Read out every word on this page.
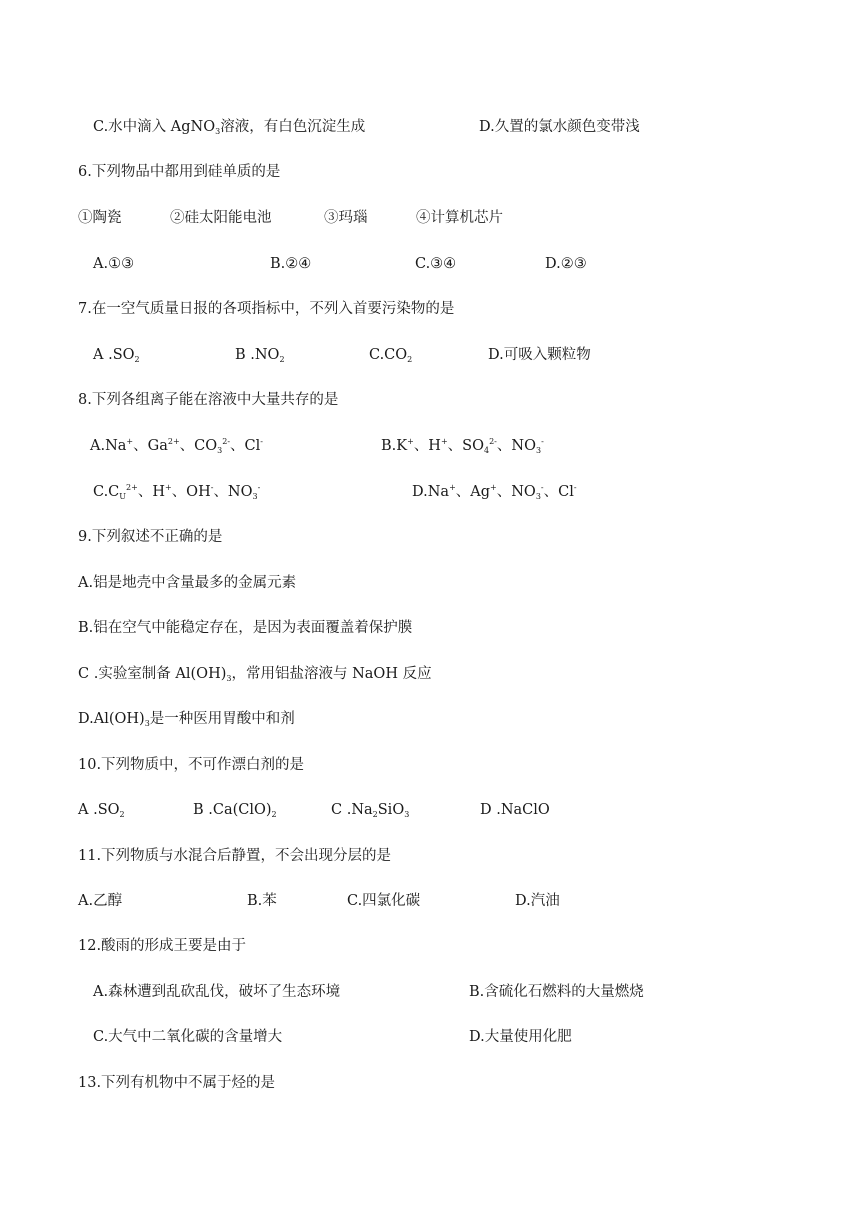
C.水中滴入 AgNO$_3$溶液，有白色沉淀生成	D.久置的氯水颜色变带浅
6.下列物品中都用到硅单质的是
①陶瓷	②硅太阳能电池	③玛瑙	④计算机芯片
A.①③	B.②④	C.③④	D.②③
7.在一空气质量日报的各项指标中，不列入首要污染物的是
A $.SO_2$	B $.NO_2$	$C.CO_2$	D.可吸入颗粒物
8.下列各组离子能在溶液中大量共存的是
A.Na+、$Ga^{2+}$、$CO_3^{2-}$、Cl-	B.K+、H+、$SO_4^{2-}$、$NO_3^-$
$C.C_U^{2+}$、H+、OH-、$NO_3^-$	D.Na+、Ag+、$NO_3^-$、Cl-
9.下列叙述不正确的是
A.铝是地壳中含量最多的金属元素
B.铝在空气中能稳定存在，是因为表面覆盖着保护膜
C .实验室制备 $Al(OH)_3$，常用铝盐溶液与 NaOH 反应
$D.Al(OH)_3$是一种医用胃酸中和剂
10.下列物质中，不可作漂白剂的是
A $.SO_2$	B $.Ca(ClO)_2$	C $.Na_2SiO_3$	D .NaClO
11.下列物质与水混合后静置，不会出现分层的是
A.乙醇	B.苯	C.四氯化碳	D.汽油
12.酸雨的形成王要是由于
A.森林遭到乱砍乱伐，破坏了生态环境	B.含硫化石燃料的大量燃烧
C.大气中二氧化碳的含量增大	D.大量使用化肥
13.下列有机物中不属于烃的是
